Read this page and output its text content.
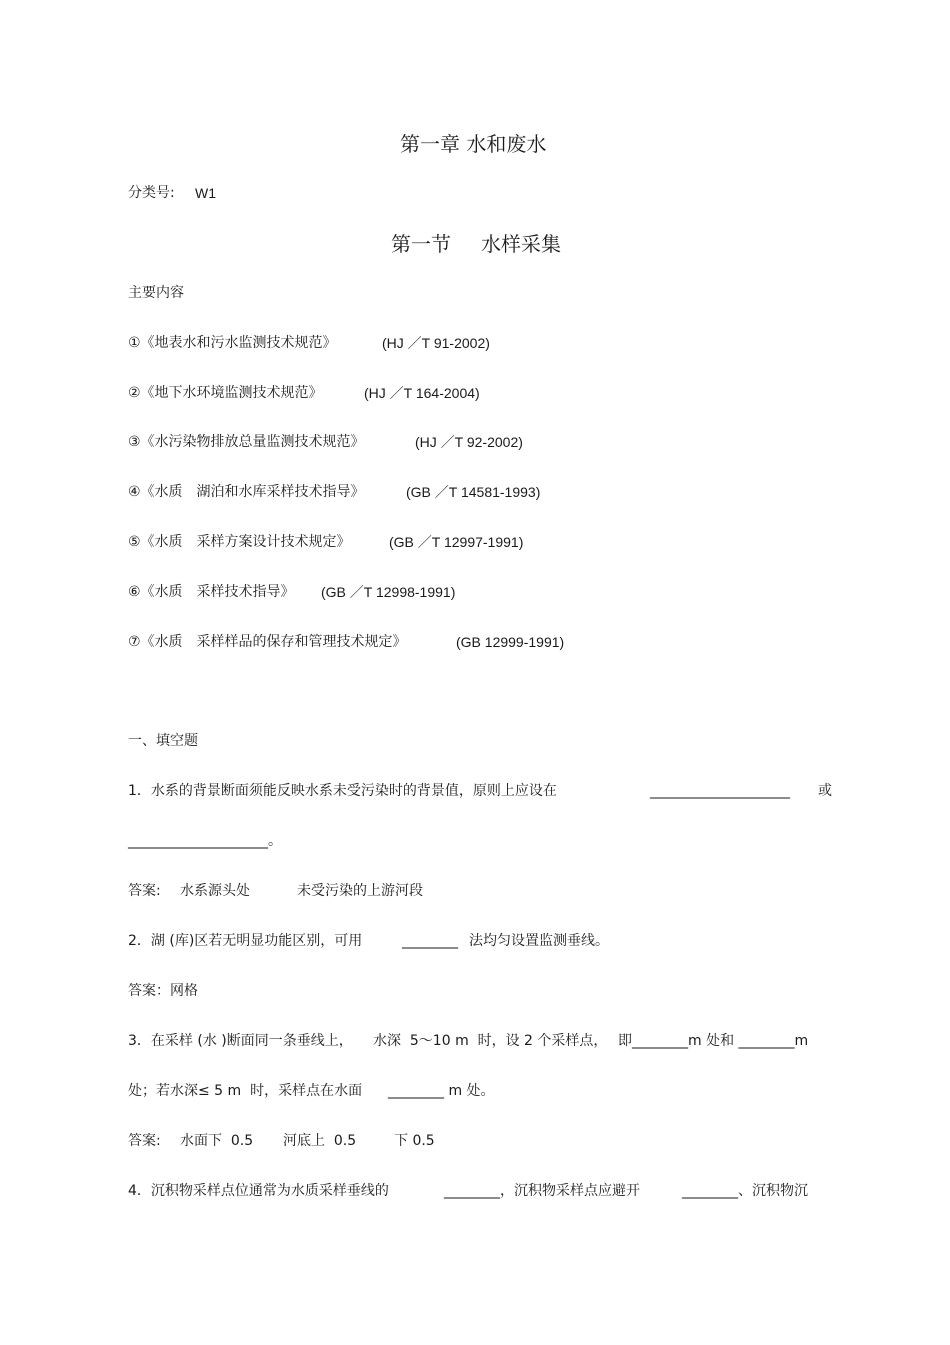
第一章 水和废水
分类号: W1
第一节 水样采集
主要内容
①《地表水和污水监测技术规范》	(HJ ／T 91-2002)
②《地下水环境监测技术规范》	(HJ ／T 164-2004)
③《水污染物排放总量监测技术规范》	(HJ ／T 92-2002)
④《水质　湖泊和水库采样技术指导》	(GB ／T 14581-1993)
⑤《水质　采样方案设计技术规定》	(GB ／T 12997-1991)
⑥《水质　采样技术指导》 (GB ／T 12998-1991)
⑦《水质　采样样品的保存和管理技术规定》	(GB 12999-1991)
一、填空题
1．水系的背景断面须能反映水系未受污染时的背景值，原则上应设在	____________________ 或
____________________。
答案: 水系源头处	未受污染的上游河段
2．湖 (库)区若无明显功能区别，可用	________ 法均匀设置监测垂线。
答案：网格
3．在采样 (水 )断面同一条垂线上， 水深  5～10 m  时，设 2 个采样点， 即________m 处和 ________m
处；若水深≤ 5 m  时，采样点在水面 ________ m 处。
答案: 水面下  0.5 河底上  0.5	下 0.5
4．沉积物采样点位通常为水质采样垂线的	________，沉积物采样点应避开	________、沉积物沉
